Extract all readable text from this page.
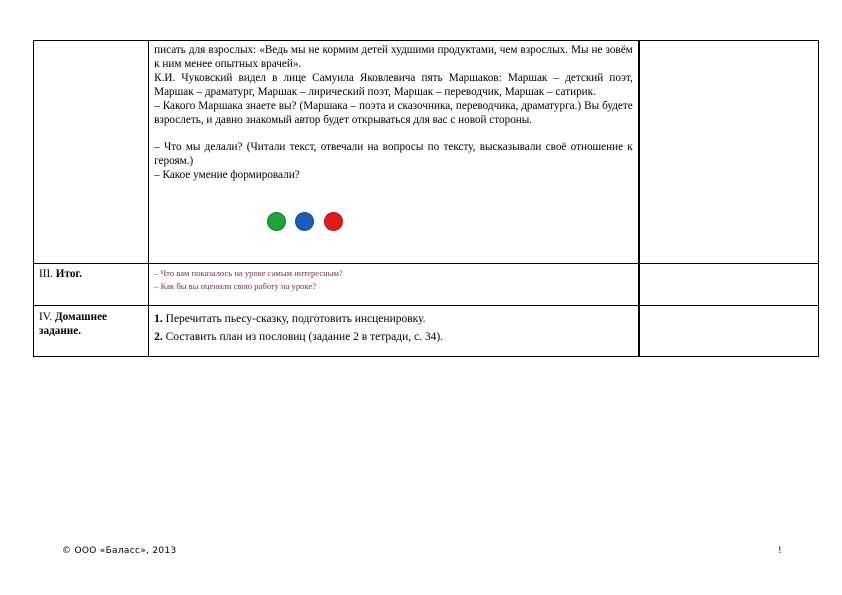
	писать для взрослых: «Ведь мы не кормим детей худшими продуктами, чем взрослых. Мы не зовём к ним менее опытных врачей».

К.И. Чуковский видел в лице Самуила Яковлевича пять Маршаков: Маршак – детский поэт, Маршак – драматург, Маршак – лирический поэт, Маршак – переводчик, Маршак – сатирик.

– Какого Маршака знаете вы? (Маршака – поэта и сказочника, переводчика, драматурга.) Вы будете взрослеть, и давно знакомый автор будет открываться для вас с новой стороны.

– Что мы делали? (Читали текст, отвечали на вопросы по тексту, высказывали своё отношение к героям.)

– Какое умение формировали?	

III. Итог.	– Что вам показалось на уроке самым интересным?

– Как бы вы оценили свою работу на уроке?	

IV. Домашнее задание.	1. Перечитать пьесу-сказку, подготовить инсценировку.

2. Составить план из пословиц (задание 2 в тетради, с. 34).	

© ООО «Баласс», 2013	!
